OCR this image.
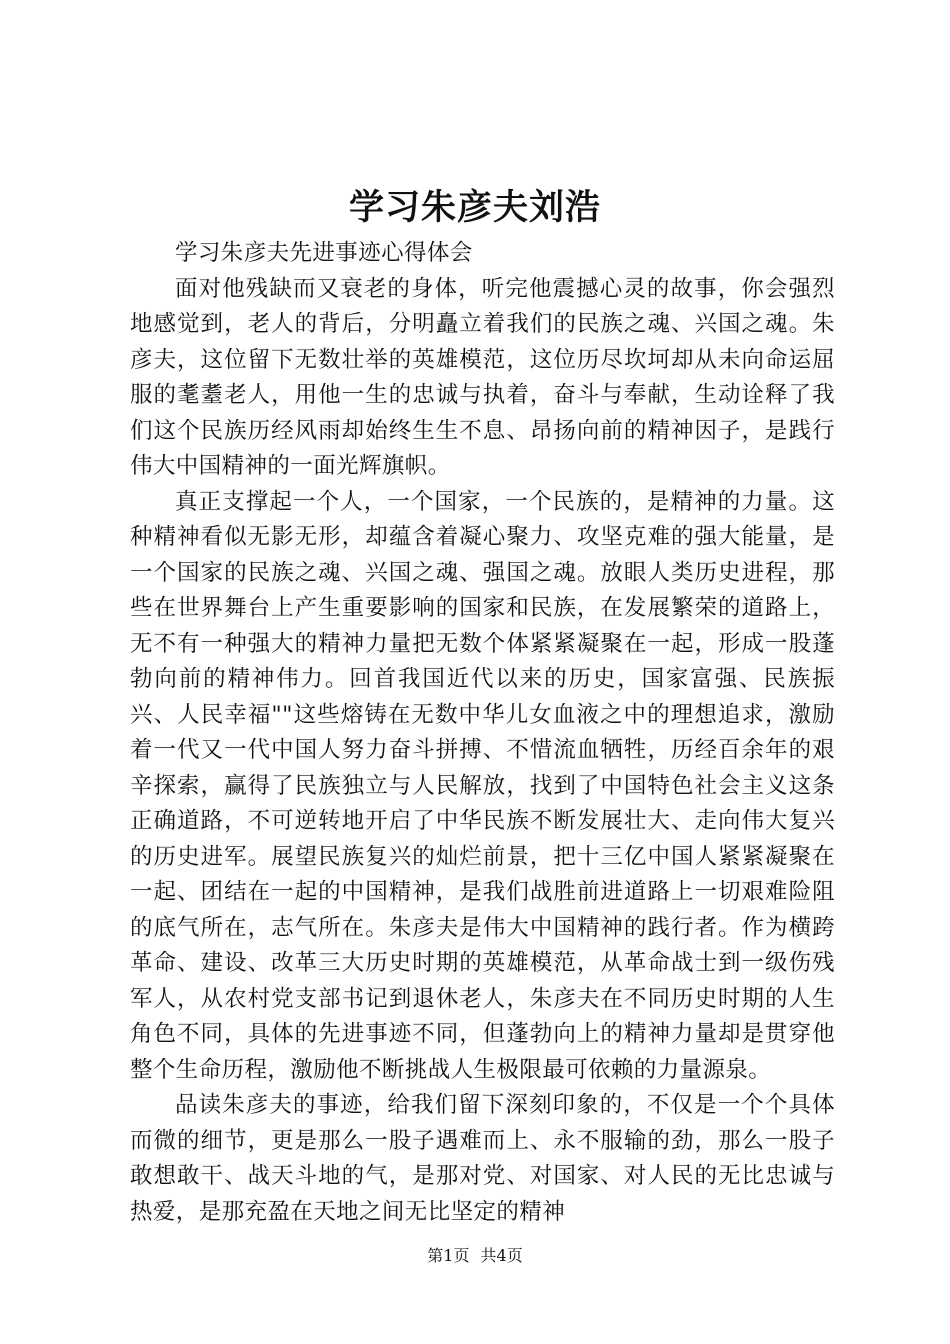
学习朱彦夫刘浩

学习朱彦夫先进事迹心得体会

面对他残缺而又衰老的身体，听完他震撼心灵的故事，你会强烈地感觉到，老人的背后，分明矗立着我们的民族之魂、兴国之魂。朱彦夫，这位留下无数壮举的英雄模范，这位历尽坎坷却从未向命运屈服的耄耋老人，用他一生的忠诚与执着，奋斗与奉献，生动诠释了我们这个民族历经风雨却始终生生不息、昂扬向前的精神因子，是践行伟大中国精神的一面光辉旗帜。

真正支撑起一个人，一个国家，一个民族的，是精神的力量。这种精神看似无影无形，却蕴含着凝心聚力、攻坚克难的强大能量，是一个国家的民族之魂、兴国之魂、强国之魂。放眼人类历史进程，那些在世界舞台上产生重要影响的国家和民族，在发展繁荣的道路上，无不有一种强大的精神力量把无数个体紧紧凝聚在一起，形成一股蓬勃向前的精神伟力。回首我国近代以来的历史，国家富强、民族振兴、人民幸福""这些熔铸在无数中华儿女血液之中的理想追求，激励着一代又一代中国人努力奋斗拼搏、不惜流血牺牲，历经百余年的艰辛探索，赢得了民族独立与人民解放，找到了中国特色社会主义这条正确道路，不可逆转地开启了中华民族不断发展壮大、走向伟大复兴的历史进军。展望民族复兴的灿烂前景，把十三亿中国人紧紧凝聚在一起、团结在一起的中国精神，是我们战胜前进道路上一切艰难险阻的底气所在，志气所在。朱彦夫是伟大中国精神的践行者。作为横跨革命、建设、改革三大历史时期的英雄模范，从革命战士到一级伤残军人，从农村党支部书记到退休老人，朱彦夫在不同历史时期的人生角色不同，具体的先进事迹不同，但蓬勃向上的精神力量却是贯穿他整个生命历程，激励他不断挑战人生极限最可依赖的力量源泉。

品读朱彦夫的事迹，给我们留下深刻印象的，不仅是一个个具体而微的细节，更是那么一股子遇难而上、永不服输的劲，那么一股子敢想敢干、战天斗地的气，是那对党、对国家、对人民的无比忠诚与热爱，是那充盈在天地之间无比坚定的精神

第1页 共4页
